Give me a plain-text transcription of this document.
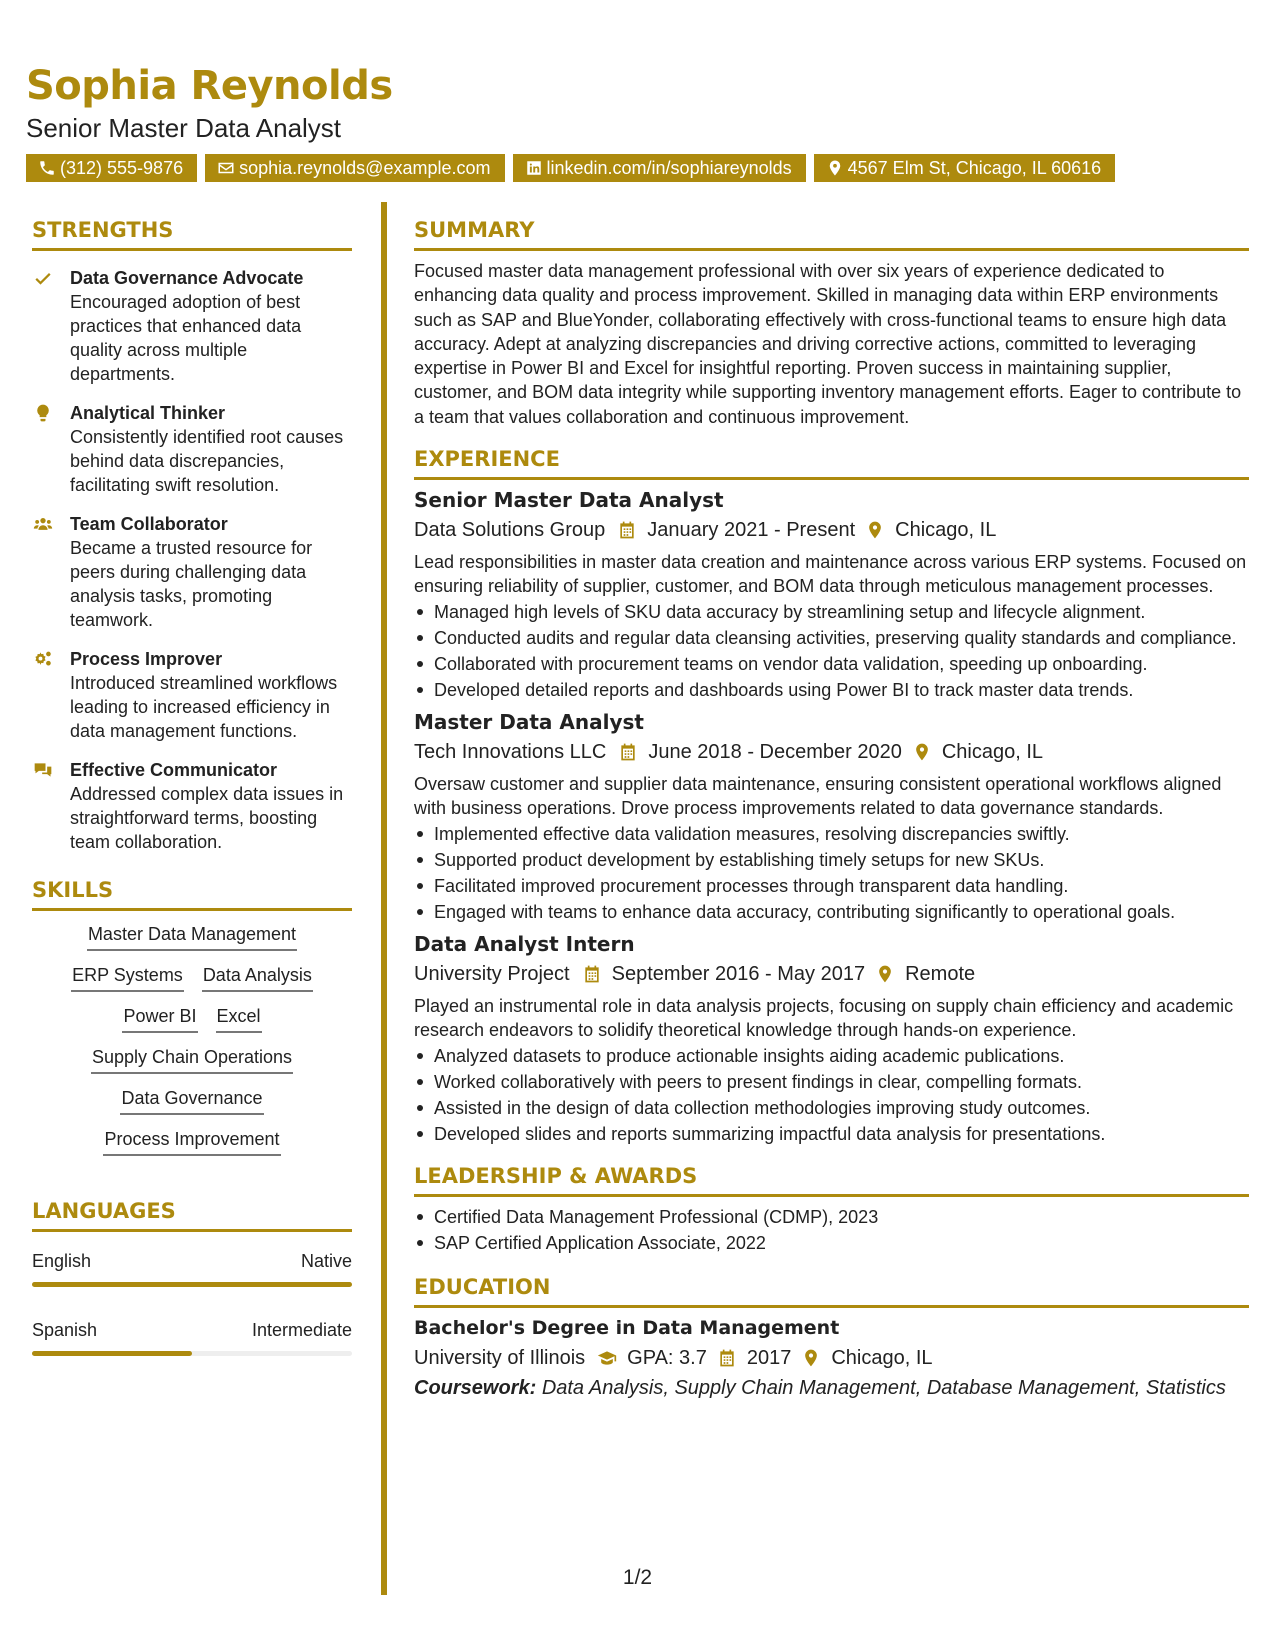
Sophia Reynolds
Senior Master Data Analyst
(312) 555-9876	sophia.reynolds@example.com	linkedin.com/in/sophiareynolds	4567 Elm St, Chicago, IL 60616
STRENGTHS
Data Governance Advocate
Encouraged adoption of best practices that enhanced data quality across multiple departments.
Analytical Thinker
Consistently identified root causes behind data discrepancies, facilitating swift resolution.
Team Collaborator
Became a trusted resource for peers during challenging data analysis tasks, promoting teamwork.
Process Improver
Introduced streamlined workflows leading to increased efficiency in data management functions.
Effective Communicator
Addressed complex data issues in straightforward terms, boosting team collaboration.
SKILLS
Master Data Management
ERP Systems Data Analysis
Power BI Excel
Supply Chain Operations
Data Governance
Process Improvement
LANGUAGES
English	Native
Spanish	Intermediate
SUMMARY
Focused master data management professional with over six years of experience dedicated to enhancing data quality and process improvement. Skilled in managing data within ERP environments such as SAP and BlueYonder, collaborating effectively with cross-functional teams to ensure high data accuracy. Adept at analyzing discrepancies and driving corrective actions, committed to leveraging expertise in Power BI and Excel for insightful reporting. Proven success in maintaining supplier, customer, and BOM data integrity while supporting inventory management efforts. Eager to contribute to a team that values collaboration and continuous improvement.
EXPERIENCE
Senior Master Data Analyst
Data Solutions Group January 2021 - Present Chicago, IL
Lead responsibilities in master data creation and maintenance across various ERP systems. Focused on ensuring reliability of supplier, customer, and BOM data through meticulous management processes.
Managed high levels of SKU data accuracy by streamlining setup and lifecycle alignment.
Conducted audits and regular data cleansing activities, preserving quality standards and compliance.
Collaborated with procurement teams on vendor data validation, speeding up onboarding.
Developed detailed reports and dashboards using Power BI to track master data trends.
Master Data Analyst
Tech Innovations LLC June 2018 - December 2020 Chicago, IL
Oversaw customer and supplier data maintenance, ensuring consistent operational workflows aligned with business operations. Drove process improvements related to data governance standards.
Implemented effective data validation measures, resolving discrepancies swiftly.
Supported product development by establishing timely setups for new SKUs.
Facilitated improved procurement processes through transparent data handling.
Engaged with teams to enhance data accuracy, contributing significantly to operational goals.
Data Analyst Intern
University Project September 2016 - May 2017 Remote
Played an instrumental role in data analysis projects, focusing on supply chain efficiency and academic research endeavors to solidify theoretical knowledge through hands-on experience.
Analyzed datasets to produce actionable insights aiding academic publications.
Worked collaboratively with peers to present findings in clear, compelling formats.
Assisted in the design of data collection methodologies improving study outcomes.
Developed slides and reports summarizing impactful data analysis for presentations.
LEADERSHIP & AWARDS
Certified Data Management Professional (CDMP), 2023
SAP Certified Application Associate, 2022
EDUCATION
Bachelor's Degree in Data Management
University of Illinois GPA: 3.7 2017 Chicago, IL
Coursework: Data Analysis, Supply Chain Management, Database Management, Statistics
1/2
